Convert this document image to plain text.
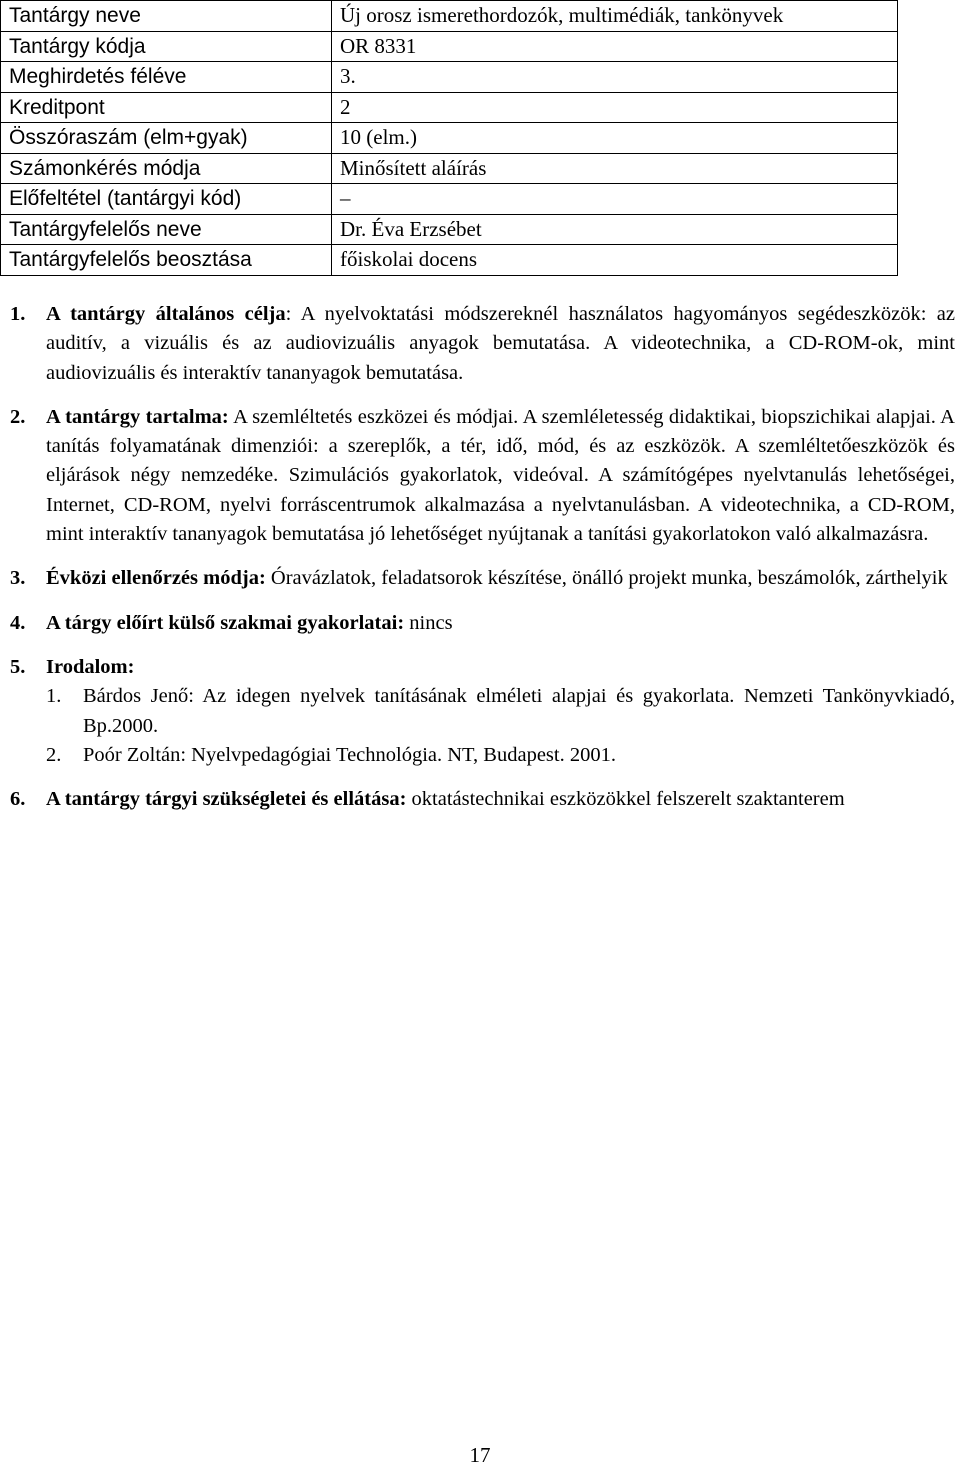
Tantárgy neve	Új orosz ismerethordozók, multimédiák, tankönyvek
Tantárgy kódja	OR 8331
Meghirdetés féléve	3.
Kreditpont	2
Összóraszám (elm+gyak)	10 (elm.)
Számonkérés módja	Minősített aláírás
Előfeltétel (tantárgyi kód)	–
Tantárgyfelelős neve	Dr. Éva Erzsébet
Tantárgyfelelős beosztása	főiskolai docens
1. A tantárgy általános célja: A nyelvoktatási módszereknél használatos hagyományos segédeszközök: az auditív, a vizuális és az audiovizuális anyagok bemutatása. A videotechnika, a CD-ROM-ok, mint audiovizuális és interaktív tananyagok bemutatása.
2. A tantárgy tartalma: A szemléltetés eszközei és módjai. A szemléletesség didaktikai, biopszichikai alapjai. A tanítás folyamatának dimenziói: a szereplők, a tér, idő, mód, és az eszközök. A szemléltetőeszközök és eljárások négy nemzedéke. Szimulációs gyakorlatok, videóval. A számítógépes nyelvtanulás lehetőségei, Internet, CD-ROM, nyelvi forráscentrumok alkalmazása a nyelvtanulásban. A videotechnika, a CD-ROM, mint interaktív tananyagok bemutatása jó lehetőséget nyújtanak a tanítási gyakorlatokon való alkalmazásra.
3. Évközi ellenőrzés módja: Óravázlatok, feladatsorok készítése, önálló projekt munka, beszámolók, zárthelyik
4. A tárgy előírt külső szakmai gyakorlatai: nincs
5. Irodalom:
1. Bárdos Jenő: Az idegen nyelvek tanításának elméleti alapjai és gyakorlata. Nemzeti Tankönyvkiadó, Bp.2000.
2. Poór Zoltán: Nyelvpedagógiai Technológia. NT, Budapest. 2001.
6. A tantárgy tárgyi szükségletei és ellátása: oktatástechnikai eszközökkel felszerelt szaktanterem
17
